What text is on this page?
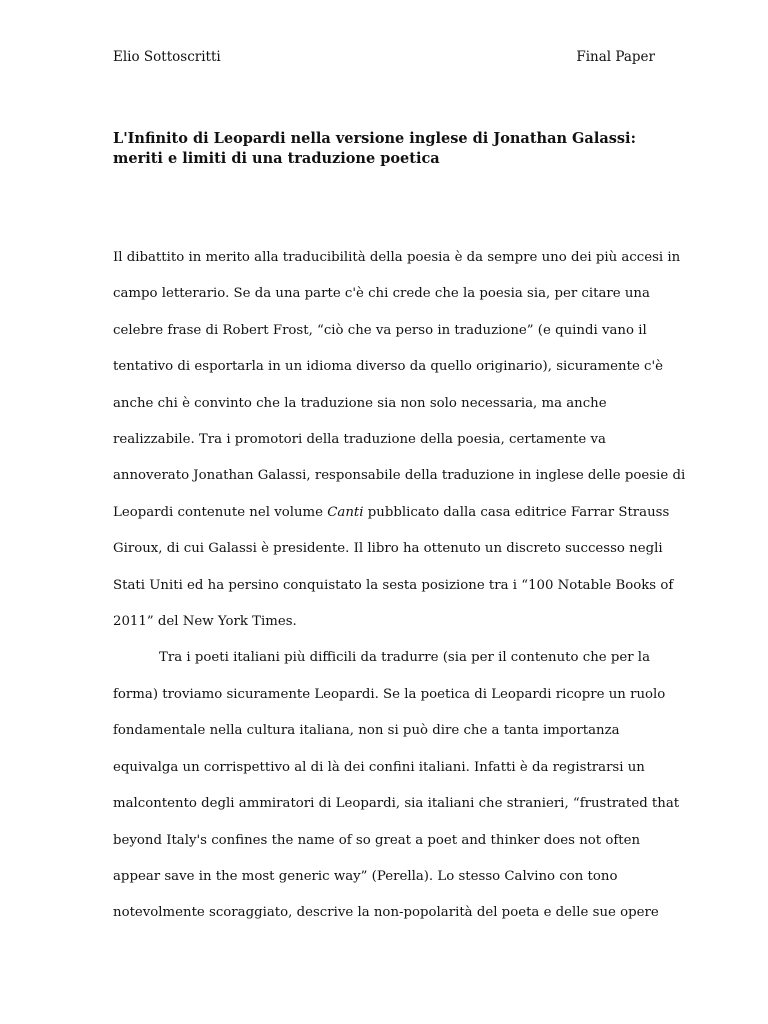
Elio Sottoscritti	Final Paper
L'Infinito di Leopardi nella versione inglese di Jonathan Galassi: meriti e limiti di una traduzione poetica

Il dibattito in merito alla traducibilità della poesia è da sempre uno dei più accesi in
campo letterario. Se da una parte c'è chi crede che la poesia sia, per citare una
celebre frase di Robert Frost, “ciò che va perso in traduzione” (e quindi vano il
tentativo di esportarla in un idioma diverso da quello originario), sicuramente c'è
anche chi è convinto che la traduzione sia non solo necessaria, ma anche
realizzabile. Tra i promotori della traduzione della poesia, certamente va
annoverato Jonathan Galassi, responsabile della traduzione in inglese delle poesie di
Leopardi contenute nel volume Canti pubblicato dalla casa editrice Farrar Strauss
Giroux, di cui Galassi è presidente. Il libro ha ottenuto un discreto successo negli
Stati Uniti ed ha persino conquistato la sesta posizione tra i “100 Notable Books of
2011” del New York Times.

Tra i poeti italiani più difficili da tradurre (sia per il contenuto che per la
forma) troviamo sicuramente Leopardi. Se la poetica di Leopardi ricopre un ruolo
fondamentale nella cultura italiana, non si può dire che a tanta importanza
equivalga un corrispettivo al di là dei confini italiani. Infatti è da registrarsi un
malcontento degli ammiratori di Leopardi, sia italiani che stranieri, “frustrated that
beyond Italy's confines the name of so great a poet and thinker does not often
appear save in the most generic way” (Perella). Lo stesso Calvino con tono
notevolmente scoraggiato, descrive la non-popolarità del poeta e delle sue opere
